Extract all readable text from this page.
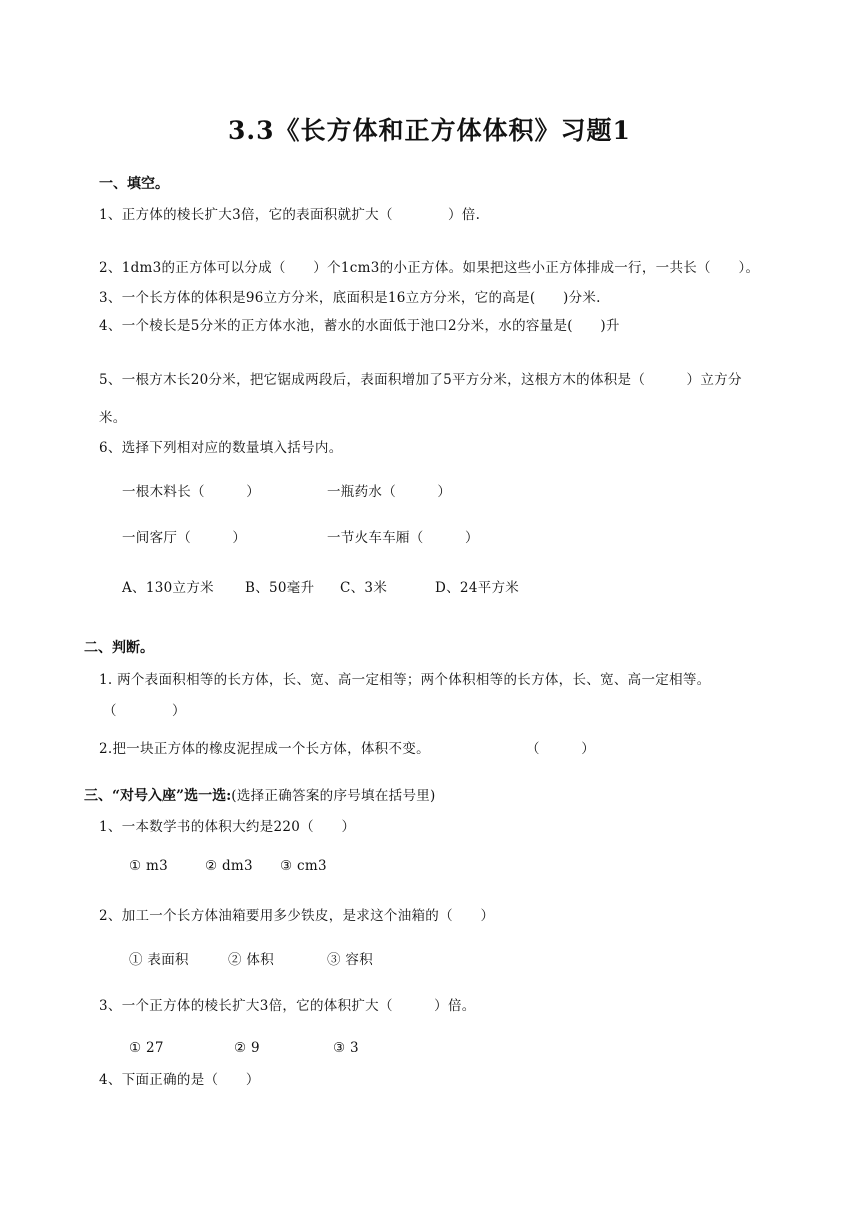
3.3《长方体和正方体体积》习题1
一、填空。
1、正方体的棱长扩大3倍，它的表面积就扩大（　　　　）倍.
2、1dm3的正方体可以分成（　　）个1cm3的小正方体。如果把这些小正方体排成一行，一共长（　　）。
3、一个长方体的体积是96立方分米，底面积是16立方分米，它的高是(　　)分米.
4、一个棱长是5分米的正方体水池，蓄水的水面低于池口2分米，水的容量是(　　)升
5、一根方木长20分米，把它锯成两段后，表面积增加了5平方分米，这根方木的体积是（　　　）立方分
米。
6、选择下列相对应的数量填入括号内。
一根木料长（　　　）	一瓶药水（　　　）
一间客厅（　　　）	一节火车车厢（　　　）
A、130立方米 B、50毫升 C、3米	D、24平方米
二、判断。
1. 两个表面积相等的长方体，长、宽、高一定相等；两个体积相等的长方体，长、宽、高一定相等。
（　　　　）
2.把一块正方体的橡皮泥捏成一个长方体，体积不变。	（　　　）
三、“对号入座”选一选:(选择正确答案的序号填在括号里)
1、一本数学书的体积大约是220（　　）
① m3	② dm3 ③ cm3
2、加工一个长方体油箱要用多少铁皮，是求这个油箱的（　　）
① 表面积	② 体积	③ 容积
3、一个正方体的棱长扩大3倍，它的体积扩大（　　　）倍。
① 27	② 9	③ 3
4、下面正确的是（　　）
